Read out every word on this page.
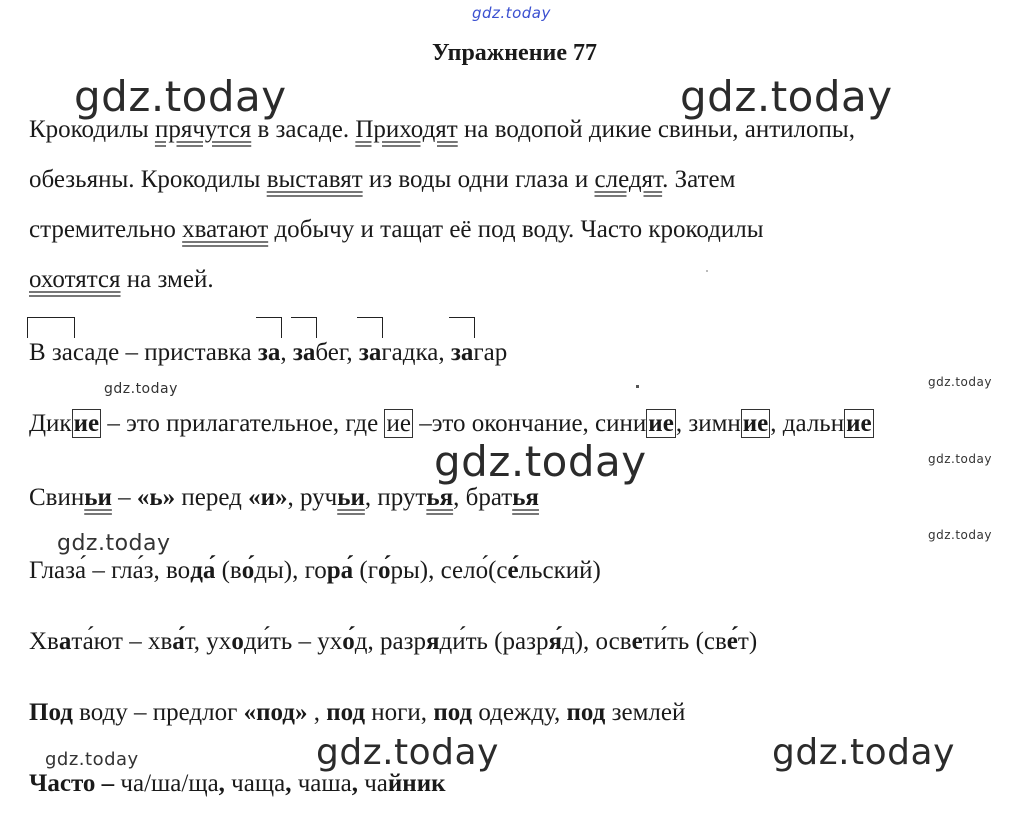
gdz.today
gdz.today	gdz.today
gdz.today
gdz.today	gdz.today
gdz.today	gdz.today
gdz.today
gdz.today
gdz.today
gdz.today
Упражнение 77
Крокодилы прячутся в засаде. Приходят на водопой дикие свиньи, антилопы,
обезьяны. Крокодилы выставят из воды одни глаза и следят. Затем
стремительно хватают добычу и тащат её под воду. Часто крокодилы
охотятся на змей.
В засаде – приставка за, забег, загадка, загар
Дикие – это прилагательное, где ие –это окончание, синиие, зимние, дальние
Свиньи – «ь» перед «и», ручьи, прутья, братья
Глаза́ – гла́з, вода́ (во́ды), гора́ (го́ры), село́(се́льский)
Хвата́ют – хва́т, уходи́ть – ухо́д, разряди́ть (разря́д), освети́ть (све́т)
Под воду – предлог «под» , под ноги, под одежду, под землей
Часто – ча/ша/ща, чаща, чаша, чайник
